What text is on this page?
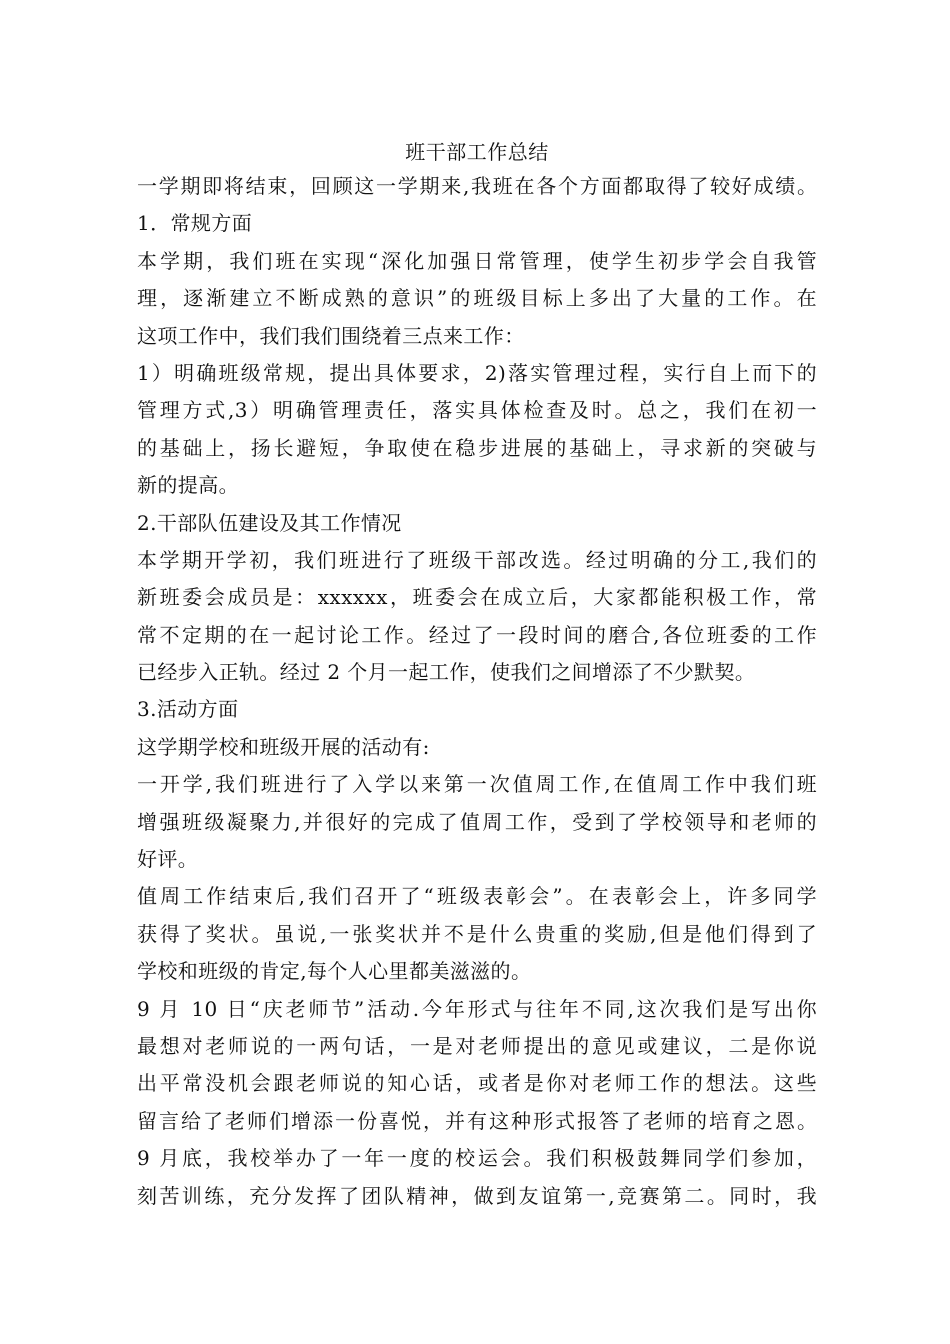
班干部工作总结
一学期即将结束，回顾这一学期来,我班在各个方面都取得了较好成绩。
1．常规方面
本学期，我们班在实现“深化加强日常管理，使学生初步学会自我管
理，逐渐建立不断成熟的意识”的班级目标上多出了大量的工作。在
这项工作中，我们我们围绕着三点来工作：
1）明确班级常规，提出具体要求，2)落实管理过程，实行自上而下的
管理方式,3）明确管理责任，落实具体检查及时。总之，我们在初一
的基础上，扬长避短，争取使在稳步进展的基础上，寻求新的突破与
新的提高。
2.干部队伍建设及其工作情况
本学期开学初，我们班进行了班级干部改选。经过明确的分工,我们的
新班委会成员是：xxxxxx，班委会在成立后，大家都能积极工作，常
常不定期的在一起讨论工作。经过了一段时间的磨合,各位班委的工作
已经步入正轨。经过 2 个月一起工作，使我们之间增添了不少默契。
3.活动方面
这学期学校和班级开展的活动有:
一开学,我们班进行了入学以来第一次值周工作,在值周工作中我们班
增强班级凝聚力,并很好的完成了值周工作，受到了学校领导和老师的
好评。
值周工作结束后,我们召开了“班级表彰会”。在表彰会上，许多同学
获得了奖状。虽说,一张奖状并不是什么贵重的奖励,但是他们得到了
学校和班级的肯定,每个人心里都美滋滋的。
9 月 10 日“庆老师节”活动.今年形式与往年不同,这次我们是写出你
最想对老师说的一两句话，一是对老师提出的意见或建议，二是你说
出平常没机会跟老师说的知心话，或者是你对老师工作的想法。这些
留言给了老师们增添一份喜悦，并有这种形式报答了老师的培育之恩。
9 月底，我校举办了一年一度的校运会。我们积极鼓舞同学们参加，
刻苦训练，充分发挥了团队精神，做到友谊第一,竞赛第二。同时，我
